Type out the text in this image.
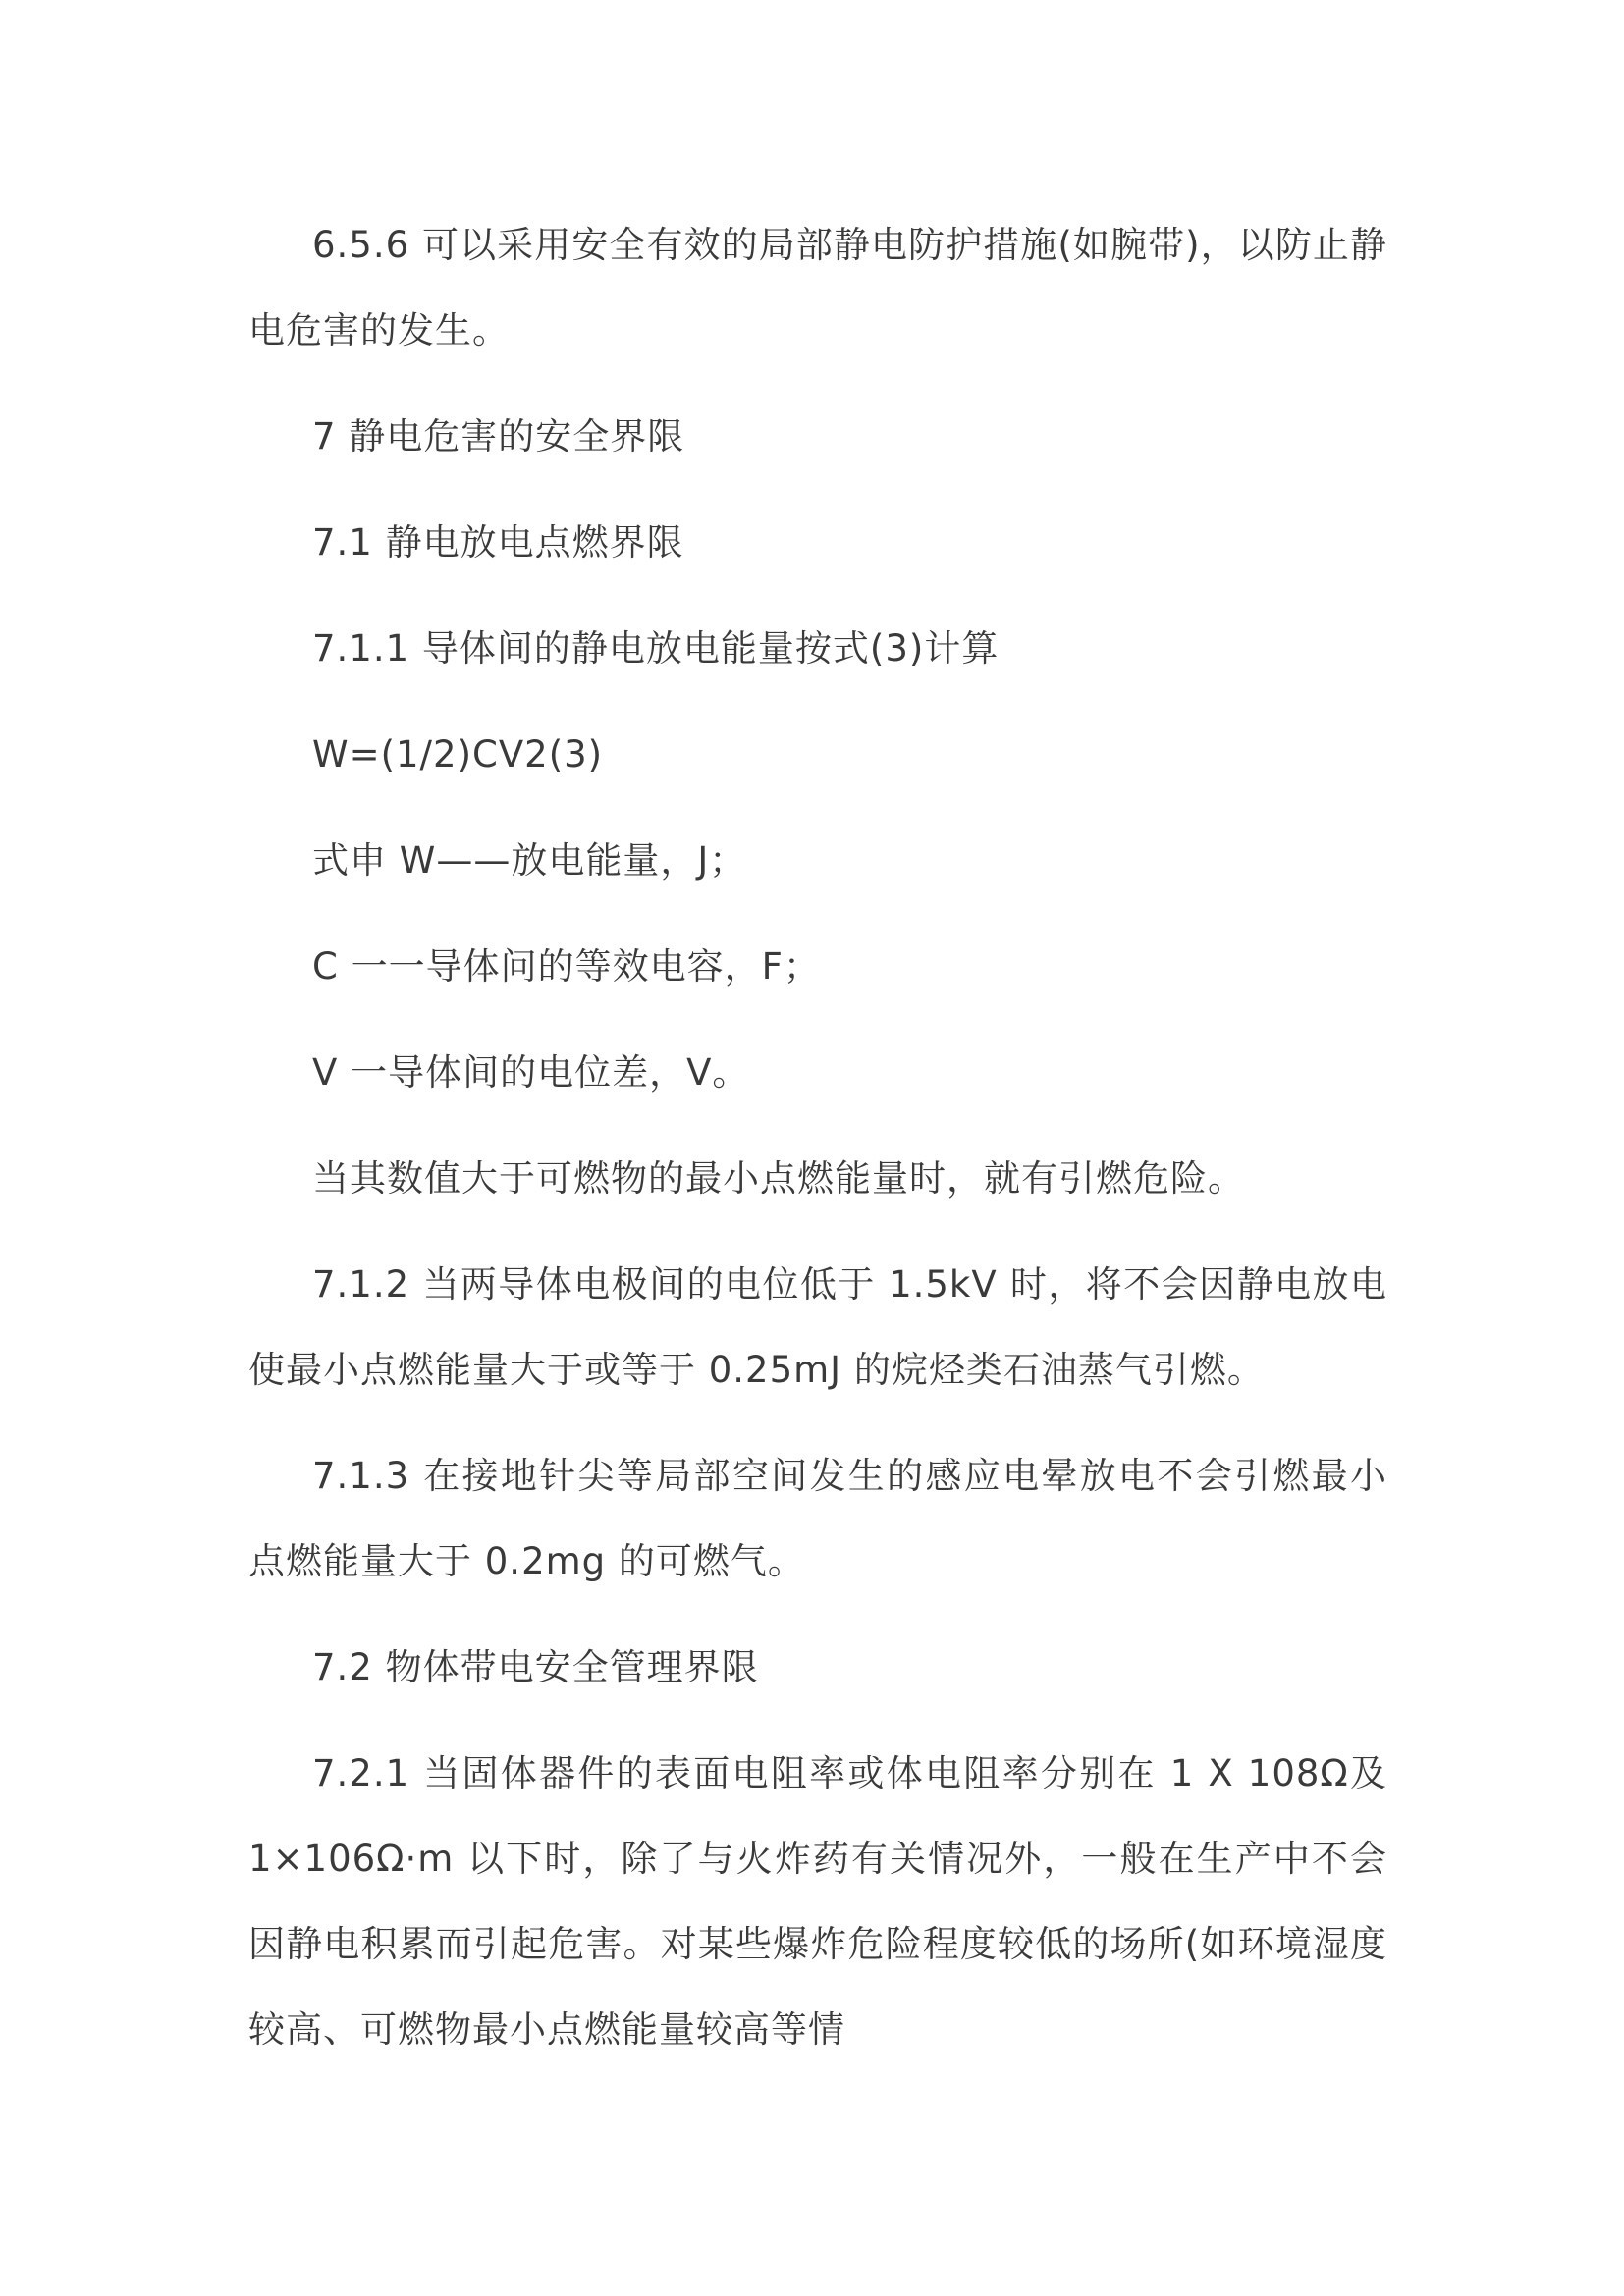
6.5.6 可以采用安全有效的局部静电防护措施(如腕带)，以防止静电危害的发生。

7 静电危害的安全界限

7.1 静电放电点燃界限

7.1.1 导体间的静电放电能量按式(3)计算

W=(1/2)CV2(3)

式申 W——放电能量，J；

C 一一导体问的等效电容，F；

V 一导体间的电位差，V。

当其数值大于可燃物的最小点燃能量时，就有引燃危险。

7.1.2 当两导体电极间的电位低于 1.5kV 时，将不会因静电放电使最小点燃能量大于或等于 0.25mJ 的烷烃类石油蒸气引燃。

7.1.3 在接地针尖等局部空间发生的感应电晕放电不会引燃最小点燃能量大于 0.2mg 的可燃气。

7.2 物体带电安全管理界限

7.2.1 当固体器件的表面电阻率或体电阻率分别在 1 X 108Ω及 1×106Ω·m 以下时，除了与火炸药有关情况外，一般在生产中不会因静电积累而引起危害。对某些爆炸危险程度较低的场所(如环境湿度较高、可燃物最小点燃能量较高等情
